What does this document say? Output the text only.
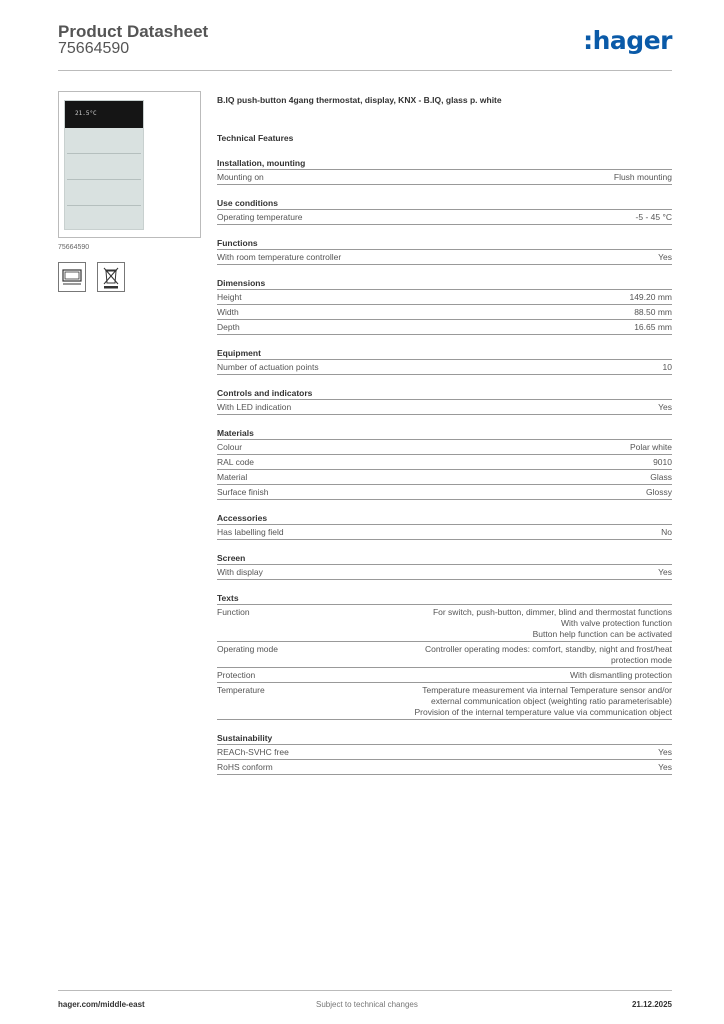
Product Datasheet
75664590	:hager
21.5°C
75664590
B.IQ push-button 4gang thermostat, display, KNX - B.IQ, glass p. white
Technical Features
Installation, mounting
Mounting on	Flush mounting
Use conditions
Operating temperature	-5 - 45 °C
Functions
With room temperature controller	Yes
Dimensions
Height	149.20 mm
Width	88.50 mm
Depth	16.65 mm
Equipment
Number of actuation points	10
Controls and indicators
With LED indication	Yes
Materials
Colour	Polar white
RAL code	9010
Material	Glass
Surface finish	Glossy
Accessories
Has labelling field	No
Screen
With display	Yes
Texts
Function	For switch, push-button, dimmer, blind and thermostat functions
With valve protection function
Button help function can be activated
Operating mode	Controller operating modes: comfort, standby, night and frost/heat
protection mode
Protection	With dismantling protection
Temperature	Temperature measurement via internal Temperature sensor and/or
external communication object (weighting ratio parameterisable)
Provision of the internal temperature value via communication object
Sustainability
REACh-SVHC free	Yes
RoHS conform	Yes
hager.com/middle-east	Subject to technical changes	21.12.2025
